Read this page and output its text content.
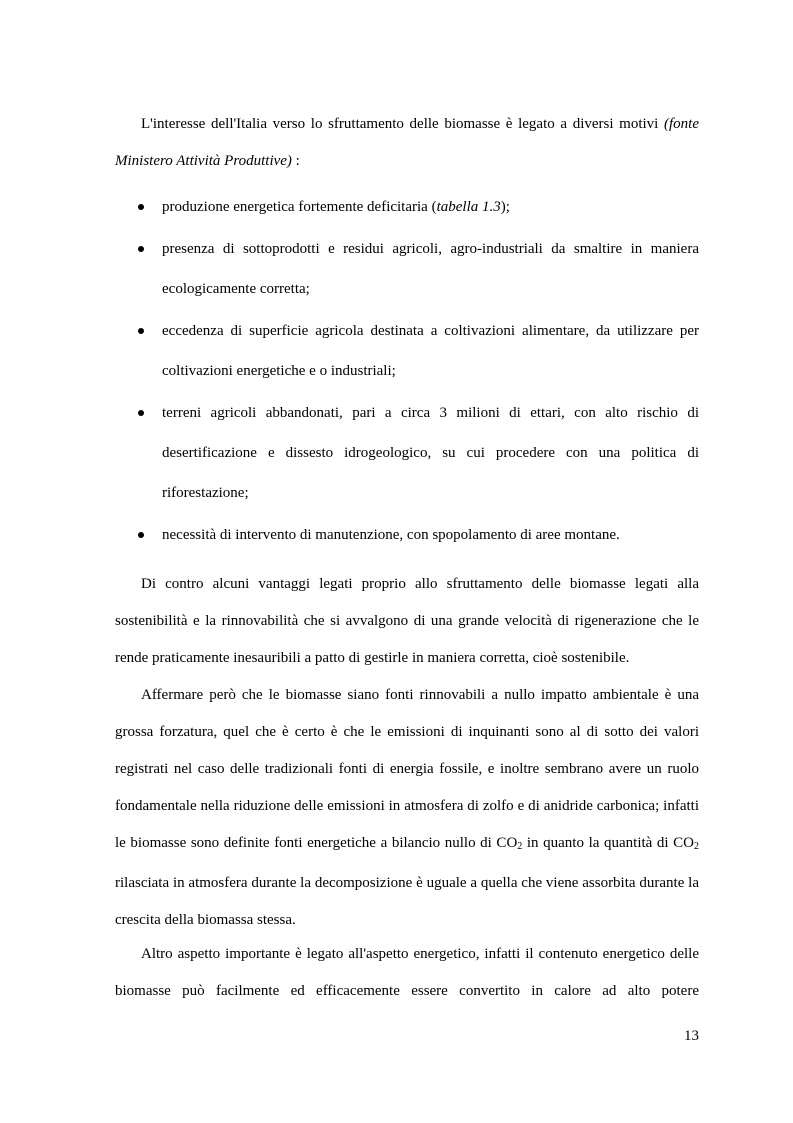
L'interesse dell'Italia verso lo sfruttamento delle biomasse è legato a diversi motivi (fonte Ministero Attività Produttive) :

produzione energetica fortemente deficitaria (tabella 1.3);
presenza di sottoprodotti e residui agricoli, agro-industriali da smaltire in maniera ecologicamente corretta;
eccedenza di superficie agricola destinata a coltivazioni alimentare, da utilizzare per coltivazioni energetiche e o industriali;
terreni agricoli abbandonati, pari a circa 3 milioni di ettari, con alto rischio di desertificazione e dissesto idrogeologico, su cui procedere con una politica di riforestazione;
necessità di intervento di manutenzione, con spopolamento di aree montane.

Di contro alcuni vantaggi legati proprio allo sfruttamento delle biomasse legati alla sostenibilità e la rinnovabilità che si avvalgono di una grande velocità di rigenerazione che le rende praticamente inesauribili a patto di gestirle in maniera corretta, cioè sostenibile.

Affermare però che le biomasse siano fonti rinnovabili a nullo impatto ambientale è una grossa forzatura, quel che è certo è che le emissioni di inquinanti sono al di sotto dei valori registrati nel caso delle tradizionali fonti di energia fossile, e inoltre sembrano avere un ruolo fondamentale nella riduzione delle emissioni in atmosfera di zolfo e di anidride carbonica; infatti le biomasse sono definite fonti energetiche a bilancio nullo di $CO_2$ in quanto la quantità di $CO_2$ rilasciata in atmosfera durante la decomposizione è uguale a quella che viene assorbita durante la crescita della biomassa stessa.

Altro aspetto importante è legato all'aspetto energetico, infatti il contenuto energetico delle biomasse può facilmente ed efficacemente essere convertito in calore ad alto potere

13
